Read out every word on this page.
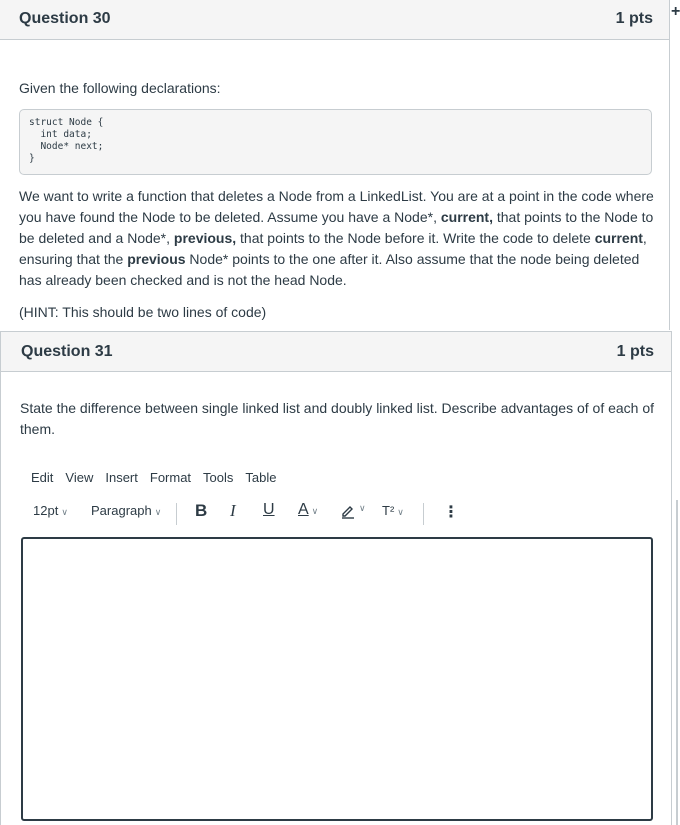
Question 30	1 pts
Given the following declarations:
struct Node {
int data;
Node* next;
}
We want to write a function that deletes a Node from a LinkedList. You are at a point in the code where you have found the Node to be deleted. Assume you have a Node*, current, that points to the Node to be deleted and a Node*, previous, that points to the Node before it. Write the code to delete current, ensuring that the previous Node* points to the one after it. Also assume that the node being deleted has already been checked and is not the head Node.
(HINT: This should be two lines of code)
+
Question 31	1 pts
State the difference between single linked list and doubly linked list. Describe advantages of of each of them.
Edit View Insert Format Tools Table
12pt ∨ Paragraph ∨ B I U A ∨	∨ T² ∨ ⋮
